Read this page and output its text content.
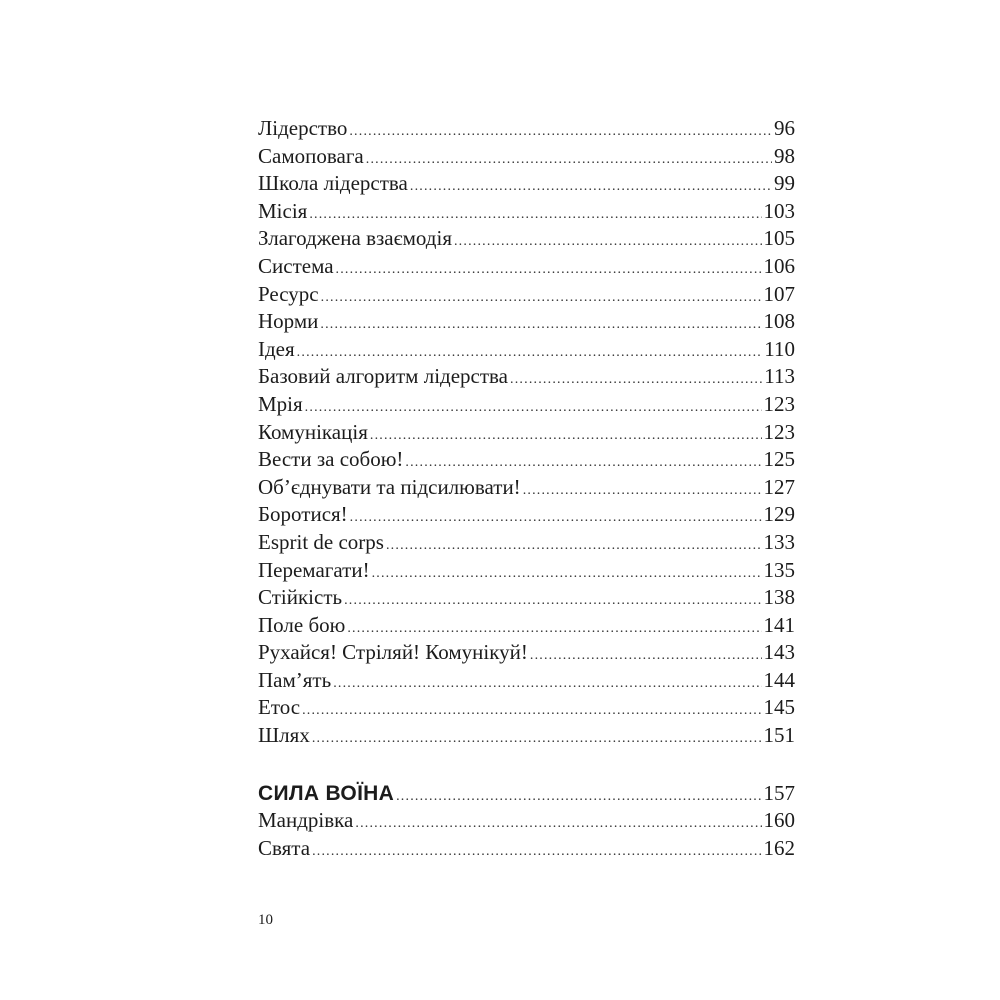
Лідерство .....	96
Самоповага .....	98
Школа лідерства .....	99
Місія .....	103
Злагоджена взаємодія .....	105
Система .....	106
Ресурс .....	107
Норми .....	108
Ідея .....	110
Базовий алгоритм лідерства .....	113
Мрія .....	123
Комунікація .....	123
Вести за собою! .....	125
Об’єднувати та підсилювати! .....	127
Боротися! .....	129
Esprit de corps .....	133
Перемагати! .....	135
Стійкість .....	138
Поле бою .....	141
Рухайся! Стріляй! Комунікуй! .....	143
Пам’ять .....	144
Етос .....	145
Шлях .....	151
СИЛА ВОЇНА .....	157
Мандрівка .....	160
Свята .....	162
10
